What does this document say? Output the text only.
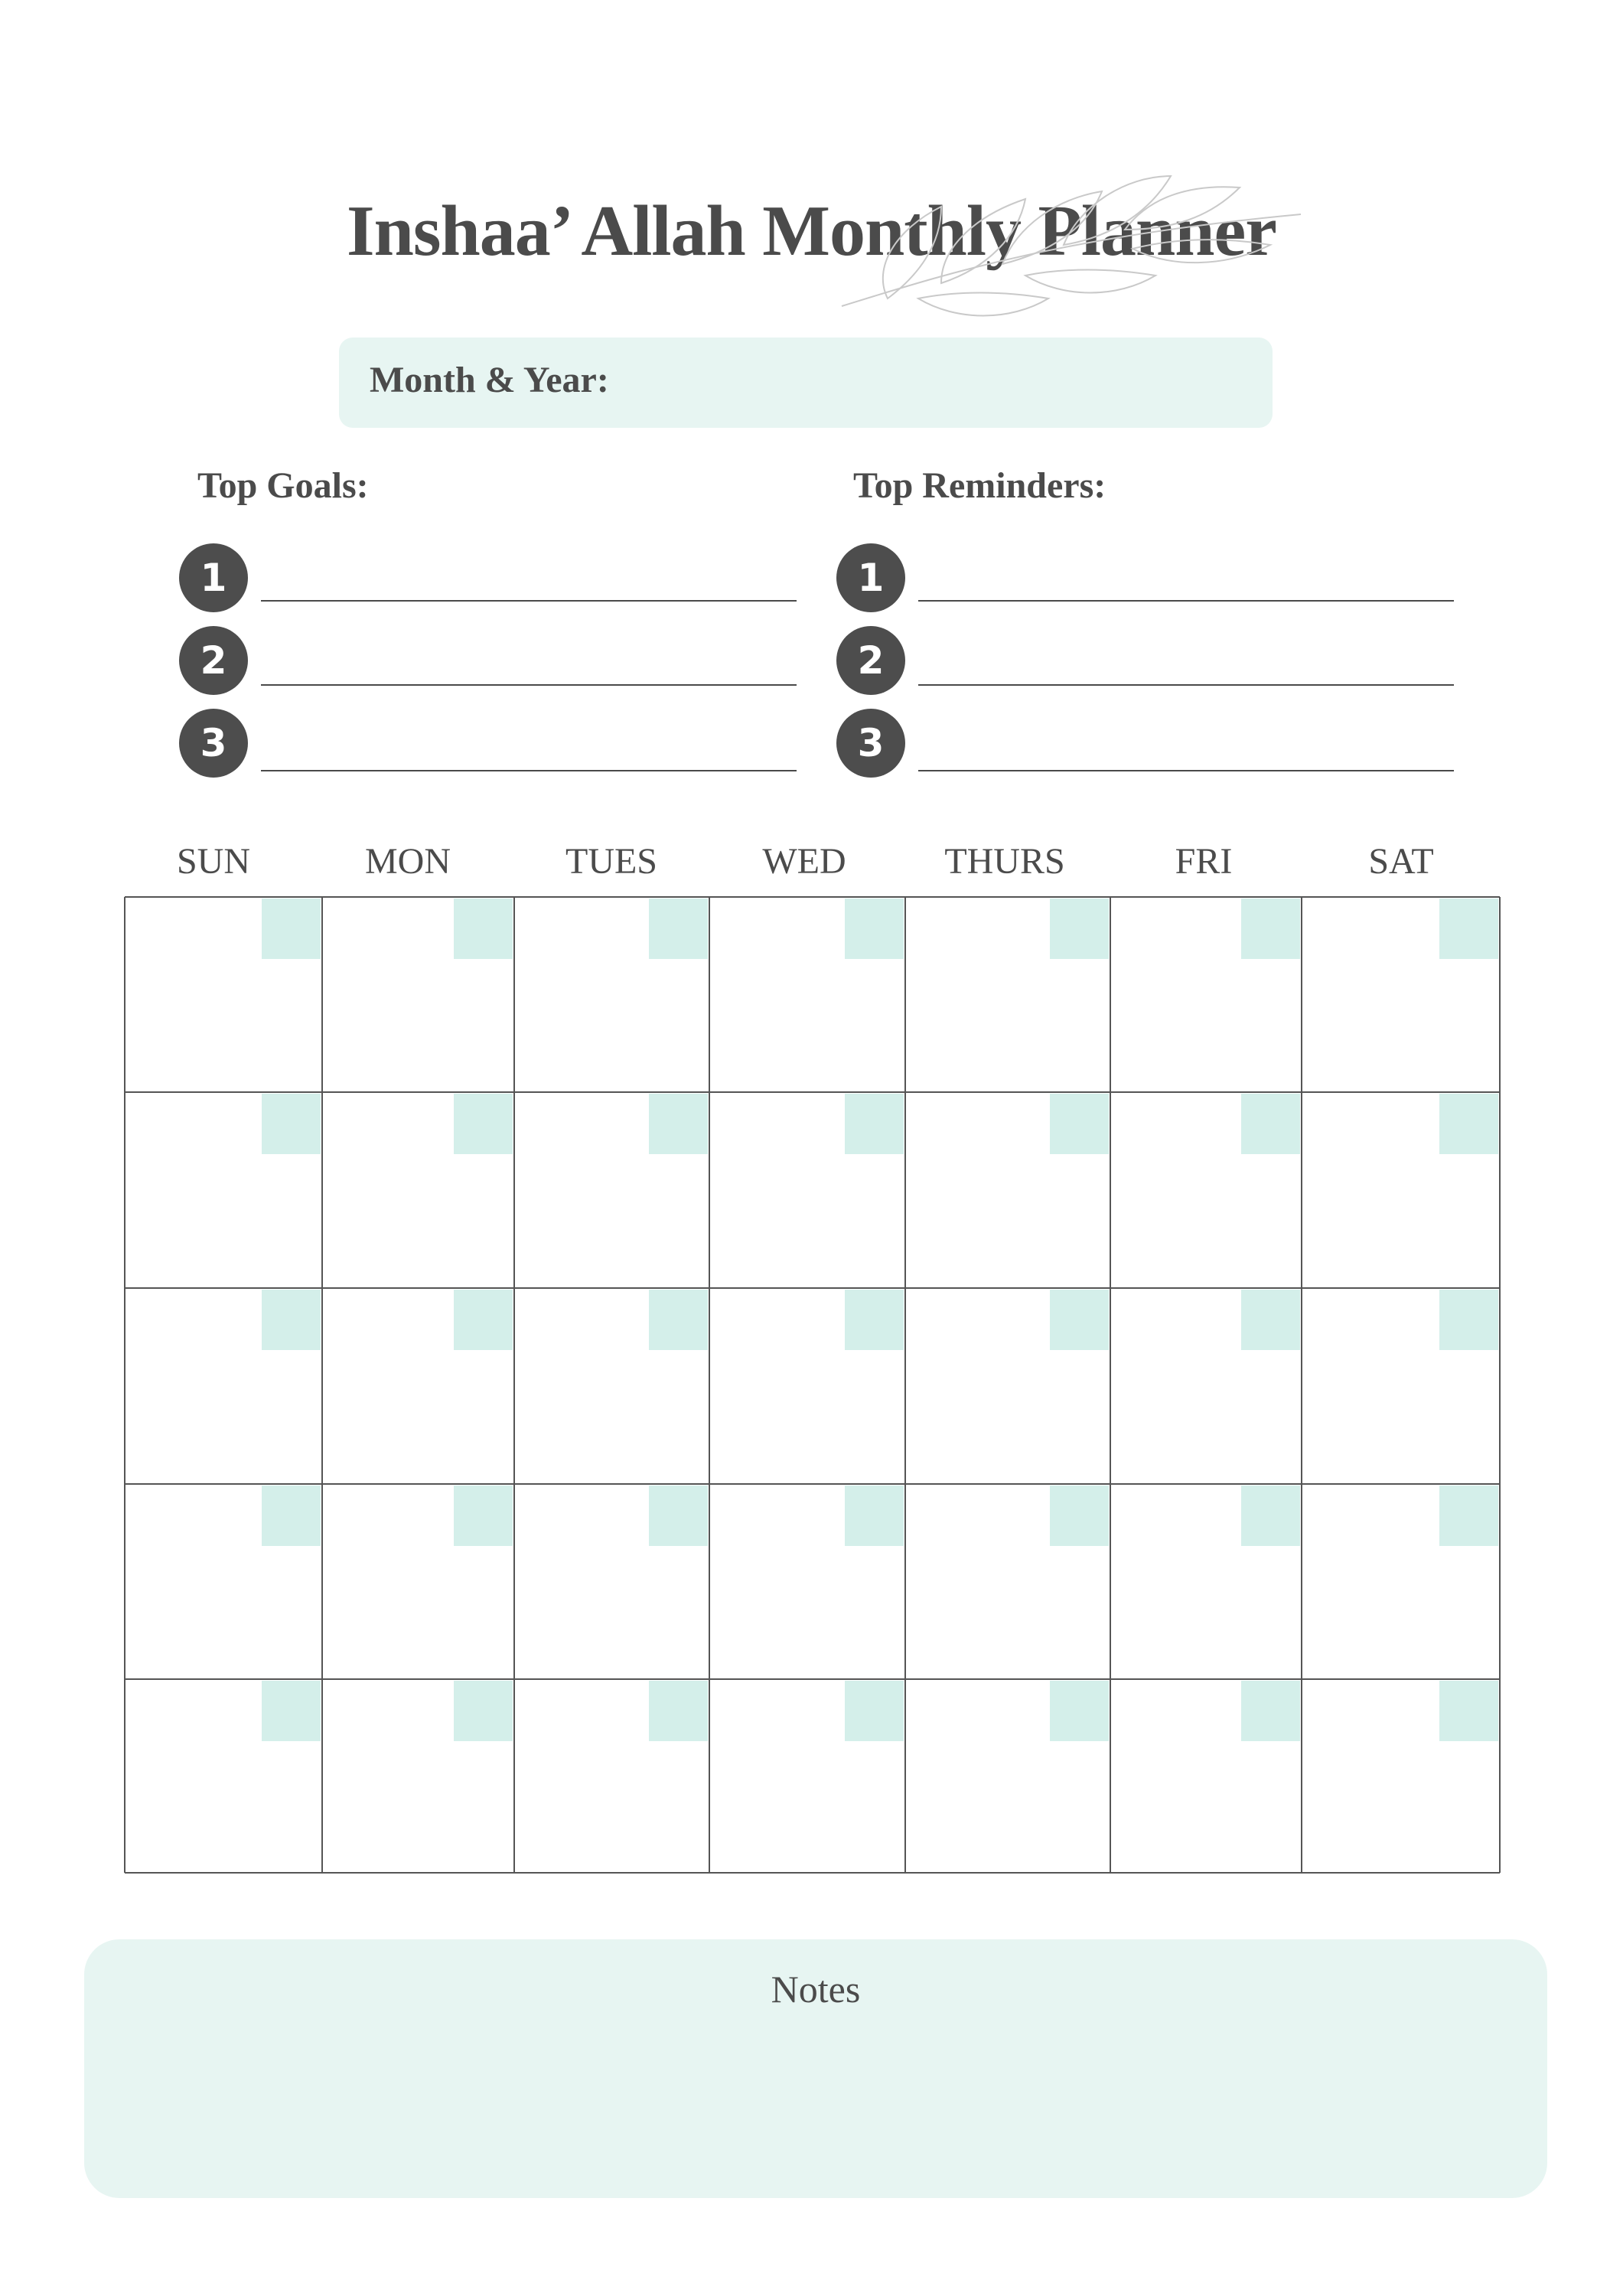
Inshaa’ Allah Monthly Planner
Month & Year:
Top Goals:
1
2
3
Top Reminders:
1
2
3
SUN	MON	TUES	WED	THURS	FRI	SAT
Notes
